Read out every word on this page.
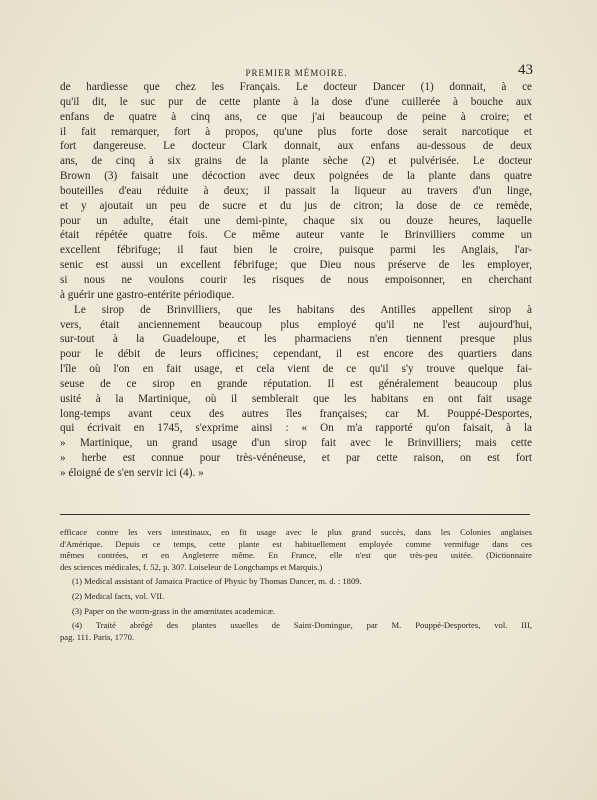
PREMIER MÉMOIRE.	43
de hardiesse que chez les Français. Le docteur Dancer (1) donnait, à ce
qu'il dit, le suc pur de cette plante à la dose d'une cuillerée à bouche aux
enfans de quatre à cinq ans, ce que j'ai beaucoup de peine à croire; et
il fait remarquer, fort à propos, qu'une plus forte dose serait narcotique et
fort dangereuse. Le docteur Clark donnait, aux enfans au-dessous de deux
ans, de cinq à six grains de la plante sèche (2) et pulvérisée. Le docteur
Brown (3) faisait une décoction avec deux poignées de la plante dans quatre
bouteilles d'eau réduite à deux; il passait la liqueur au travers d'un linge,
et y ajoutait un peu de sucre et du jus de citron; la dose de ce remède,
pour un adulte, était une demi-pinte, chaque six ou douze heures, laquelle
était répétée quatre fois. Ce même auteur vante le Brinvilliers comme un
excellent fébrifuge; il faut bien le croire, puisque parmi les Anglais, l'ar-
senic est aussi un excellent fébrifuge; que Dieu nous préserve de les employer,
si nous ne voulons courir les risques de nous empoisonner, en cherchant
à guérir une gastro-entérite périodique.
Le sirop de Brinvilliers, que les habitans des Antilles appellent sirop à
vers, était anciennement beaucoup plus employé qu'il ne l'est aujourd'hui,
sur-tout à la Guadeloupe, et les pharmaciens n'en tiennent presque plus
pour le débit de leurs officines; cependant, il est encore des quartiers dans
l'île où l'on en fait usage, et cela vient de ce qu'il s'y trouve quelque fai-
seuse de ce sirop en grande réputation. Il est généralement beaucoup plus
usité à la Martinique, où il semblerait que les habitans en ont fait usage
long-temps avant ceux des autres îles françaises; car M. Pouppé-Desportes,
qui écrivait en 1745, s'exprime ainsi : « On m'a rapporté qu'on faisait, à la
» Martinique, un grand usage d'un sirop fait avec le Brinvilliers; mais cette
» herbe est connue pour très-vénéneuse, et par cette raison, on est fort
» éloigné de s'en servir ici (4). »
efficace contre les vers intestinaux, en fit usage avec le plus grand succès, dans les Colonies anglaises
d'Amérique. Depuis ce temps, cette plante est habituellement employée comme vermifuge dans ces
mêmes contrées, et en Angleterre même. En France, elle n'est que très-peu usitée. (Dictionnaire
des sciences médicales, f. 52, p. 307. Loiseleur de Longchamps et Marquis.)
(1) Medical assistant of Jamaica Practice of Physic by Thomas Dancer, m. d. : 1809.
(2) Medical facts, vol. VII.
(3) Paper on the worm-grass in the amœnitates academicæ.
(4) Traité abrégé des plantes usuelles de Saint-Domingue, par M. Pouppé-Desportes, vol. III,
pag. 111. Paris, 1770.
